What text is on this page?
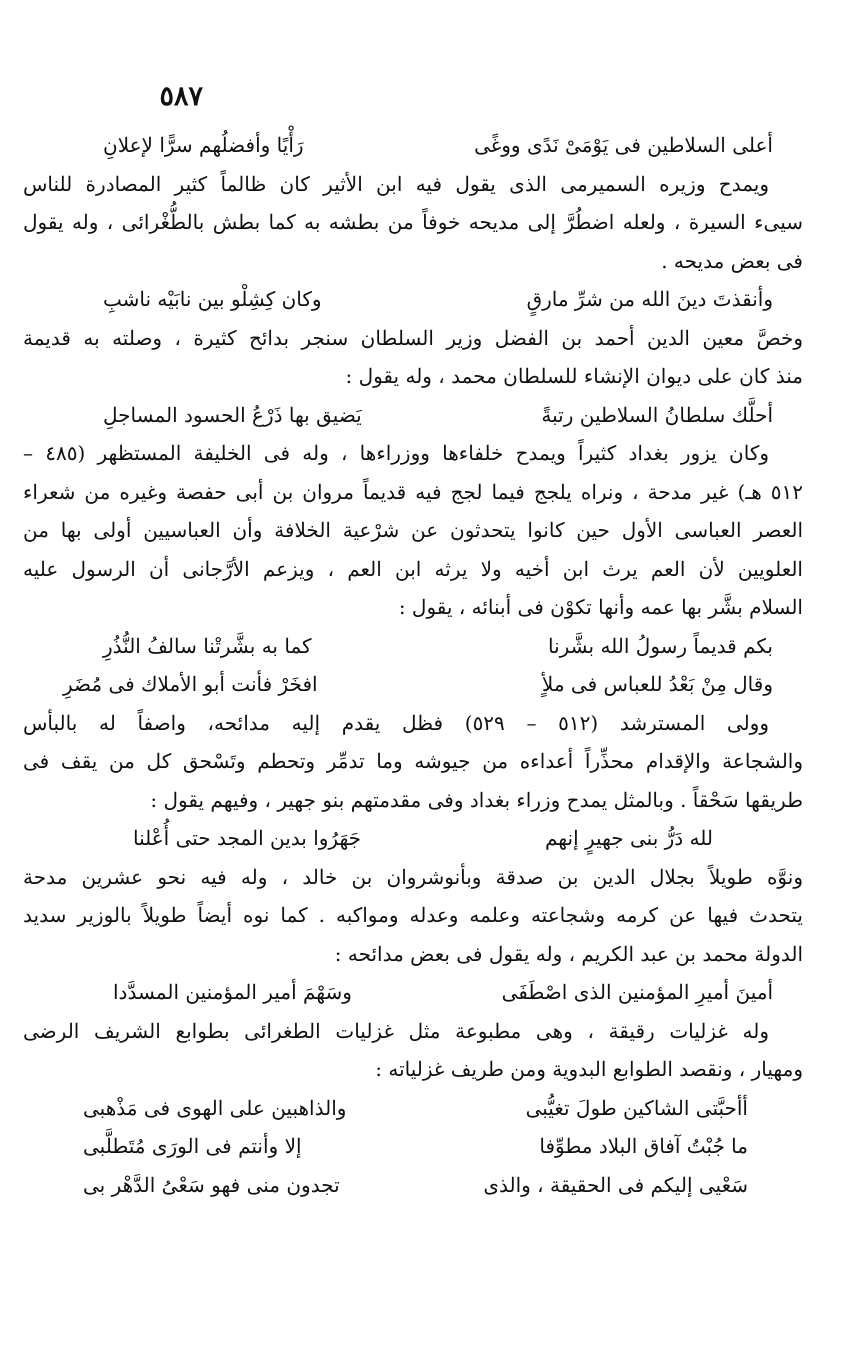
٥٨٧
أعلى السلاطين فى يَوْمَىْ نَدًى ووغًى
رَأْيًا وأفضلُهم سرًّا لإعلانِ
ويمدح وزيره السميرمى الذى يقول فيه ابن الأثير كان ظالماً كثير المصادرة للناس
سيىء السيرة ، ولعله اضطُرَّ إلى مديحه خوفاً من بطشه به كما بطش بالطُّغْرائى ، وله يقول
فى بعض مديحه .
وأنقذتَ دينَ الله من شرِّ مارقٍ
وكان كِشِلْو بين نابَيْه ناشبِ
وخصَّ معين الدين أحمد بن الفضل وزير السلطان سنجر بدائح كثيرة ، وصلته به قديمة
منذ كان على ديوان الإنشاء للسلطان محمد ، وله يقول :
أحلَّك سلطانُ السلاطين رتبةً
يَضيق بها ذَرْعُ الحسود المساجلِ
وكان يزور بغداد كثيراً ويمدح خلفاءها ووزراءها ، وله فى الخليفة المستظهر (٤٨٥ –
٥١٢ هـ) غير مدحة ، ونراه يلجج فيما لجج فيه قديماً مروان بن أبى حفصة وغيره من شعراء
العصر العباسى الأول حين كانوا يتحدثون عن شرْعية الخلافة وأن العباسيين أولى بها من
العلويين لأن العم يرث ابن أخيه ولا يرثه ابن العم ، ويزعم الأرَّجانى أن الرسول عليه
السلام بشَّر بها عمه وأنها تكوْن فى أبنائه ، يقول :
بكم قديماً رسولُ الله بشَّرنا
كما به بشَّرتْنا سالفُ النُّذُرِ
وقال مِنْ بَعْدُ للعباس فى ملأٍ
افخَرْ فأنت أبو الأملاك فى مُضَرِ
وولى المسترشد (٥١٢ – ٥٢٩) فظل يقدم إليه مدائحه، واصفاً له بالبأس
والشجاعة والإقدام محذِّراً أعداءه من جيوشه وما تدمِّر وتحطم وتَسْحق كل من يقف فى
طريقها سَحْقاً . وبالمثل يمدح وزراء بغداد وفى مقدمتهم بنو جهير ، وفيهم يقول :
لله دَرُّ بنى جهيرٍ إنهم
جَهَرُوا بدين المجد حتى أُعْلنا
ونوَّه طويلاً بجلال الدين بن صدقة وبأنوشروان بن خالد ، وله فيه نحو عشرين مدحة
يتحدث فيها عن كرمه وشجاعته وعلمه وعدله ومواكبه . كما نوه أيضاً طويلاً بالوزير سديد
الدولة محمد بن عبد الكريم ، وله يقول فى بعض مدائحه :
أمينَ أميرِ المؤمنين الذى اصْطَفَى
وسَهْمَ أمير المؤمنين المسدَّدا
وله غزليات رقيقة ، وهى مطبوعة مثل غزليات الطغرائى بطوابع الشريف الرضى
ومهيار ، ونقصد الطوابع البدوية ومن طريف غزلياته :
أأحبَّتى الشاكين طولَ تغيُّبى
والذاهبين على الهوى فى مَذْهبى
ما جُبْتُ آفاق البلاد مطوِّفا
إلا وأنتم فى الورَى مُتَطلَّبى
سَعْيى إليكم فى الحقيقة ، والذى
تجدون منى فهو سَعْىُ الدَّهْر بى
